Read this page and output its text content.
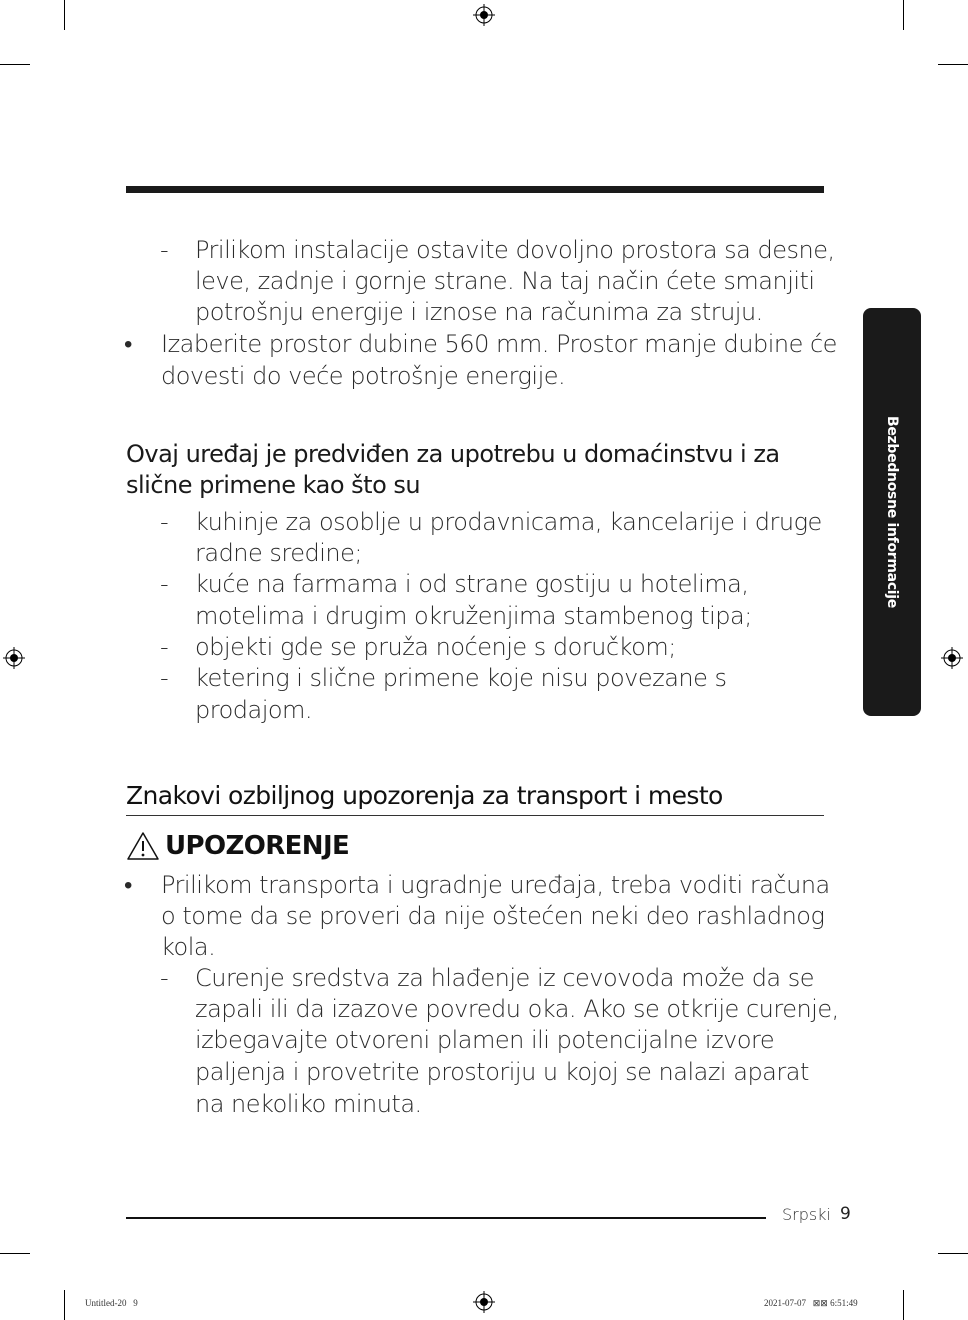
Bezbednosne informacije
- Prilikom instalacije ostavite dovoljno prostora sa desne,
leve, zadnje i gornje strane. Na taj način ćete smanjiti
potrošnju energije i iznose na računima za struju.
• Izaberite prostor dubine 560 mm. Prostor manje dubine će
dovesti do veće potrošnje energije.
Ovaj uređaj je predviđen za upotrebu u domaćinstvu i za
slične primene kao što su
- kuhinje za osoblje u prodavnicama, kancelarije i druge
radne sredine;
- kuće na farmama i od strane gostiju u hotelima,
motelima i drugim okruženjima stambenog tipa;
- objekti gde se pruža noćenje s doručkom;
- ketering i slične primene koje nisu povezane s
prodajom.
Znakovi ozbiljnog upozorenja za transport i mesto
UPOZORENJE
• Prilikom transporta i ugradnje uređaja, treba voditi računa
o tome da se proveri da nije oštećen neki deo rashladnog
kola.
- Curenje sredstva za hlađenje iz cevovoda može da se
zapali ili da izazove povredu oka. Ako se otkrije curenje,
izbegavajte otvoreni plamen ili potencijalne izvore
paljenja i provetrite prostoriju u kojoj se nalazi aparat
na nekoliko minuta.
Srpski 9
Untitled-20   9	2021-07-07   ⊠⊠ 6:51:49
